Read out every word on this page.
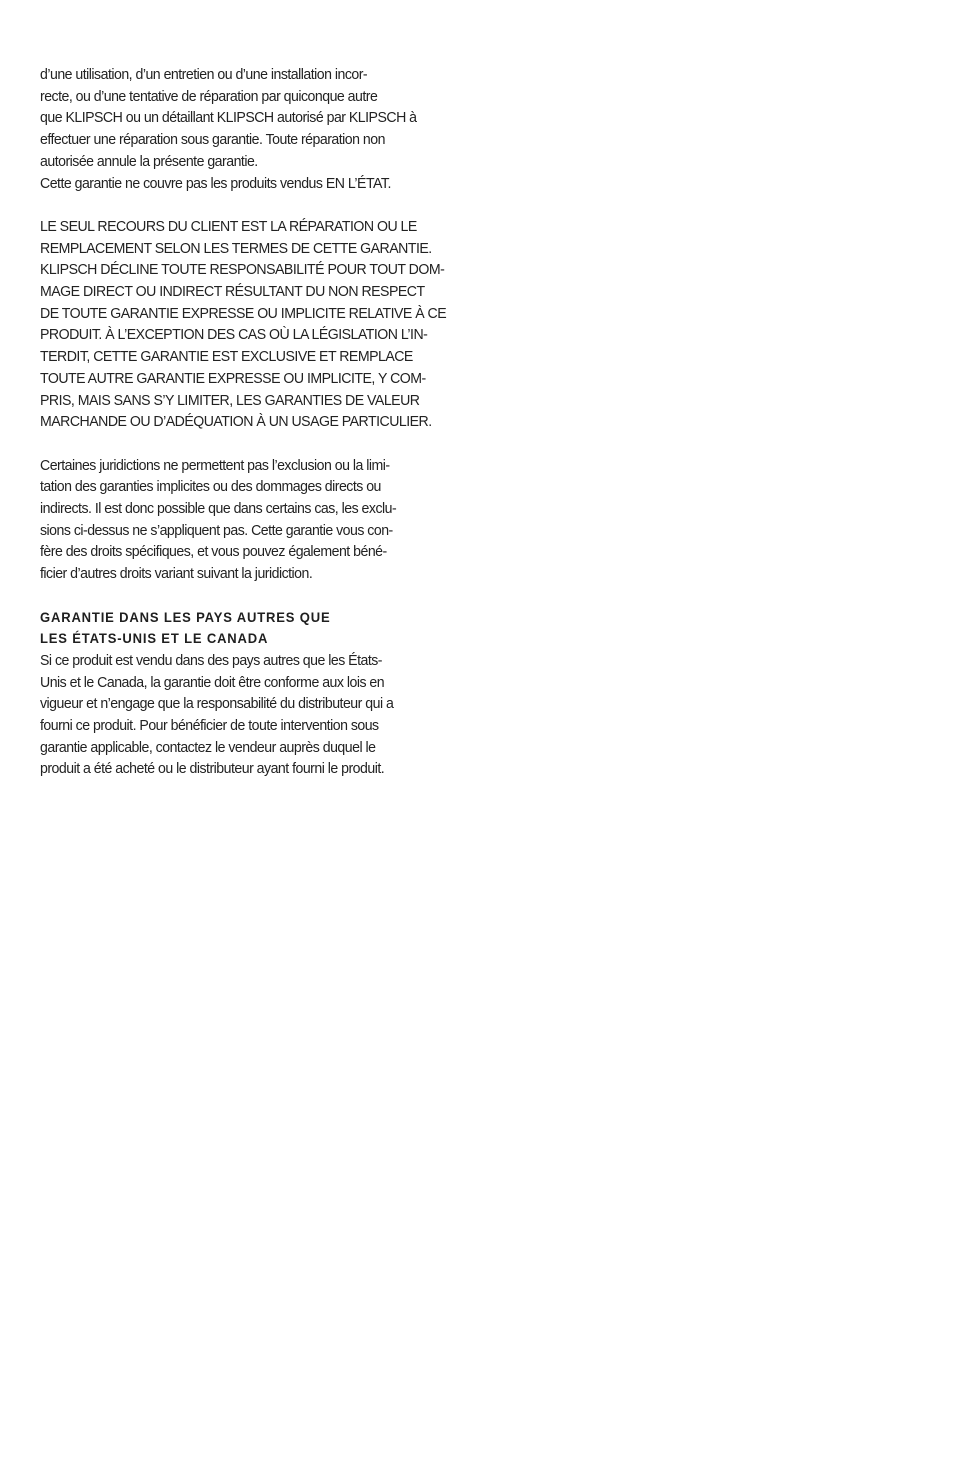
d’une utilisation, d’un entretien ou d’une installation incor-
recte, ou d’une tentative de réparation par quiconque autre
que KLIPSCH ou un détaillant KLIPSCH autorisé par KLIPSCH à
effectuer une réparation sous garantie. Toute réparation non
autorisée annule la présente garantie.
Cette garantie ne couvre pas les produits vendus EN L’ÉTAT.

LE SEUL RECOURS DU CLIENT EST LA RÉPARATION OU LE
REMPLACEMENT SELON LES TERMES DE CETTE GARANTIE.
KLIPSCH DÉCLINE TOUTE RESPONSABILITÉ POUR TOUT DOM-
MAGE DIRECT OU INDIRECT RÉSULTANT DU NON RESPECT
DE TOUTE GARANTIE EXPRESSE OU IMPLICITE RELATIVE À CE
PRODUIT. À L’EXCEPTION DES CAS OÙ LA LÉGISLATION L’IN-
TERDIT, CETTE GARANTIE EST EXCLUSIVE ET REMPLACE
TOUTE AUTRE GARANTIE EXPRESSE OU IMPLICITE, Y COM-
PRIS, MAIS SANS S’Y LIMITER, LES GARANTIES DE VALEUR
MARCHANDE OU D’ADÉQUATION À UN USAGE PARTICULIER.

Certaines juridictions ne permettent pas l’exclusion ou la limi-
tation des garanties implicites ou des dommages directs ou
indirects. Il est donc possible que dans certains cas, les exclu-
sions ci-dessus ne s’appliquent pas. Cette garantie vous con-
fère des droits spécifiques, et vous pouvez également béné-
ficier d’autres droits variant suivant la juridiction.

GARANTIE DANS LES PAYS AUTRES QUE
LES ÉTATS-UNIS ET LE CANADA

Si ce produit est vendu dans des pays autres que les États-
Unis et le Canada, la garantie doit être conforme aux lois en
vigueur et n’engage que la responsabilité du distributeur qui a
fourni ce produit. Pour bénéficier de toute intervention sous
garantie applicable, contactez le vendeur auprès duquel le
produit a été acheté ou le distributeur ayant fourni le produit.
